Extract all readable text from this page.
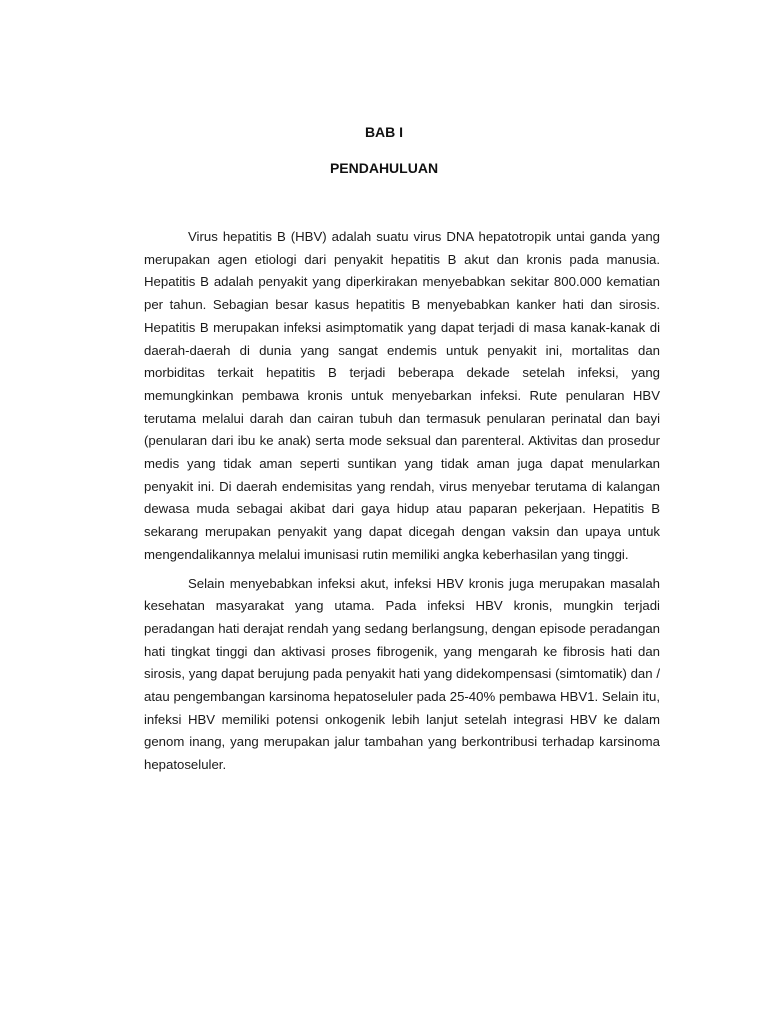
BAB I
PENDAHULUAN

Virus hepatitis B (HBV) adalah suatu virus DNA hepatotropik untai ganda yang merupakan agen etiologi dari penyakit hepatitis B akut dan kronis pada manusia. Hepatitis B adalah penyakit yang diperkirakan menyebabkan sekitar 800.000 kematian per tahun. Sebagian besar kasus hepatitis B menyebabkan kanker hati dan sirosis. Hepatitis B merupakan infeksi asimptomatik yang dapat terjadi di masa kanak-kanak di daerah-daerah di dunia yang sangat endemis untuk penyakit ini, mortalitas dan morbiditas terkait hepatitis B terjadi beberapa dekade setelah infeksi, yang memungkinkan pembawa kronis untuk menyebarkan infeksi. Rute penularan HBV terutama melalui darah dan cairan tubuh dan termasuk penularan perinatal dan bayi (penularan dari ibu ke anak) serta mode seksual dan parenteral. Aktivitas dan prosedur medis yang tidak aman seperti suntikan yang tidak aman juga dapat menularkan penyakit ini. Di daerah endemisitas yang rendah, virus menyebar terutama di kalangan dewasa muda sebagai akibat dari gaya hidup atau paparan pekerjaan. Hepatitis B sekarang merupakan penyakit yang dapat dicegah dengan vaksin dan upaya untuk mengendalikannya melalui imunisasi rutin memiliki angka keberhasilan yang tinggi.

Selain menyebabkan infeksi akut, infeksi HBV kronis juga merupakan masalah kesehatan masyarakat yang utama. Pada infeksi HBV kronis, mungkin terjadi peradangan hati derajat rendah yang sedang berlangsung, dengan episode peradangan hati tingkat tinggi dan aktivasi proses fibrogenik, yang mengarah ke fibrosis hati dan sirosis, yang dapat berujung pada penyakit hati yang didekompensasi (simtomatik) dan / atau pengembangan karsinoma hepatoseluler pada 25-40% pembawa HBV1. Selain itu, infeksi HBV memiliki potensi onkogenik lebih lanjut setelah integrasi HBV ke dalam genom inang, yang merupakan jalur tambahan yang berkontribusi terhadap karsinoma hepatoseluler.
